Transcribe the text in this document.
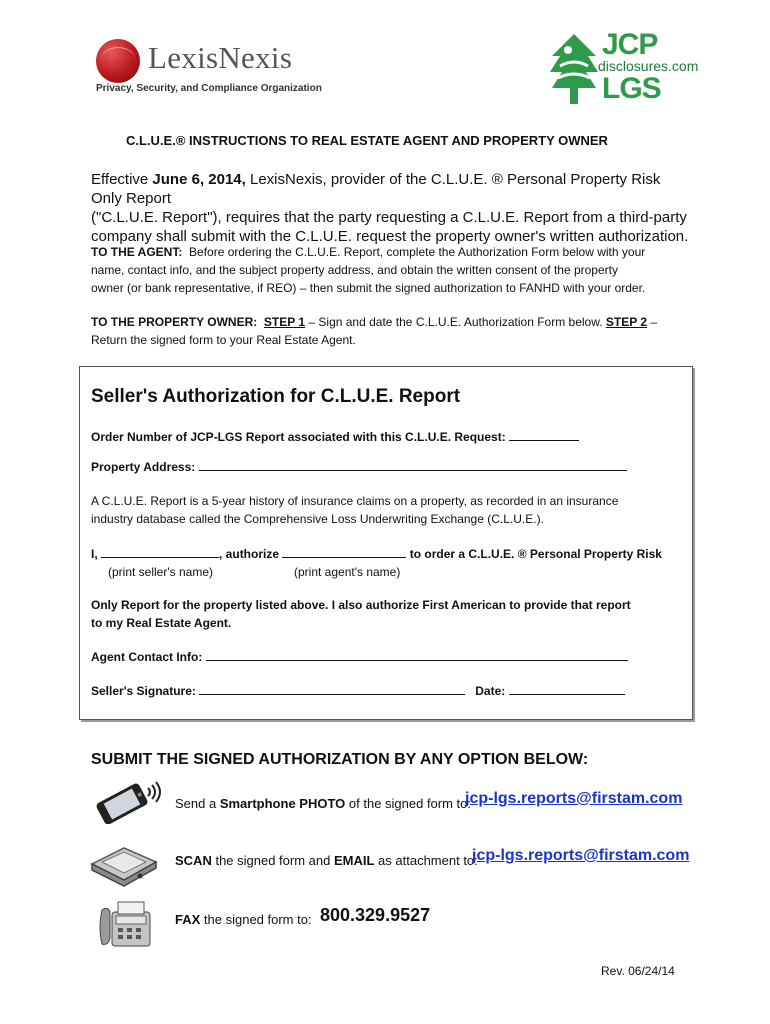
LexisNexis
Privacy, Security, and Compliance Organization
JCP
disclosures.com
LGS
C.L.U.E.® INSTRUCTIONS TO REAL ESTATE AGENT AND PROPERTY OWNER
Effective June 6, 2014, LexisNexis, provider of the C.L.U.E. ® Personal Property Risk Only Report
("C.L.U.E. Report"), requires that the party requesting a C.L.U.E. Report from a third-party
company shall submit with the C.L.U.E. request the property owner's written authorization.
TO THE AGENT:  Before ordering the C.L.U.E. Report, complete the Authorization Form below with your
name, contact info, and the subject property address, and obtain the written consent of the property
owner (or bank representative, if REO) – then submit the signed authorization to FANHD with your order.
TO THE PROPERTY OWNER: STEP 1 – Sign and date the C.L.U.E. Authorization Form below. STEP 2 –
Return the signed form to your Real Estate Agent.
Seller's Authorization for C.L.U.E. Report
Order Number of JCP-LGS Report associated with this C.L.U.E. Request:
Property Address:
A C.L.U.E. Report is a 5-year history of insurance claims on a property, as recorded in an insurance
industry database called the Comprehensive Loss Underwriting Exchange (C.L.U.E.).
I,	, authorize	to order a C.L.U.E. ® Personal Property Risk
(print seller's name)	(print agent's name)
Only Report for the property listed above. I also authorize First American to provide that report
to my Real Estate Agent.
Agent Contact Info:
Seller's Signature:	Date:
SUBMIT THE SIGNED AUTHORIZATION BY ANY OPTION BELOW:
Send a Smartphone PHOTO of the signed form to:
jcp-lgs.reports@firstam.com
SCAN the signed form and EMAIL as attachment to:
jcp-lgs.reports@firstam.com
FAX the signed form to: 800.329.9527
Rev. 06/24/14
